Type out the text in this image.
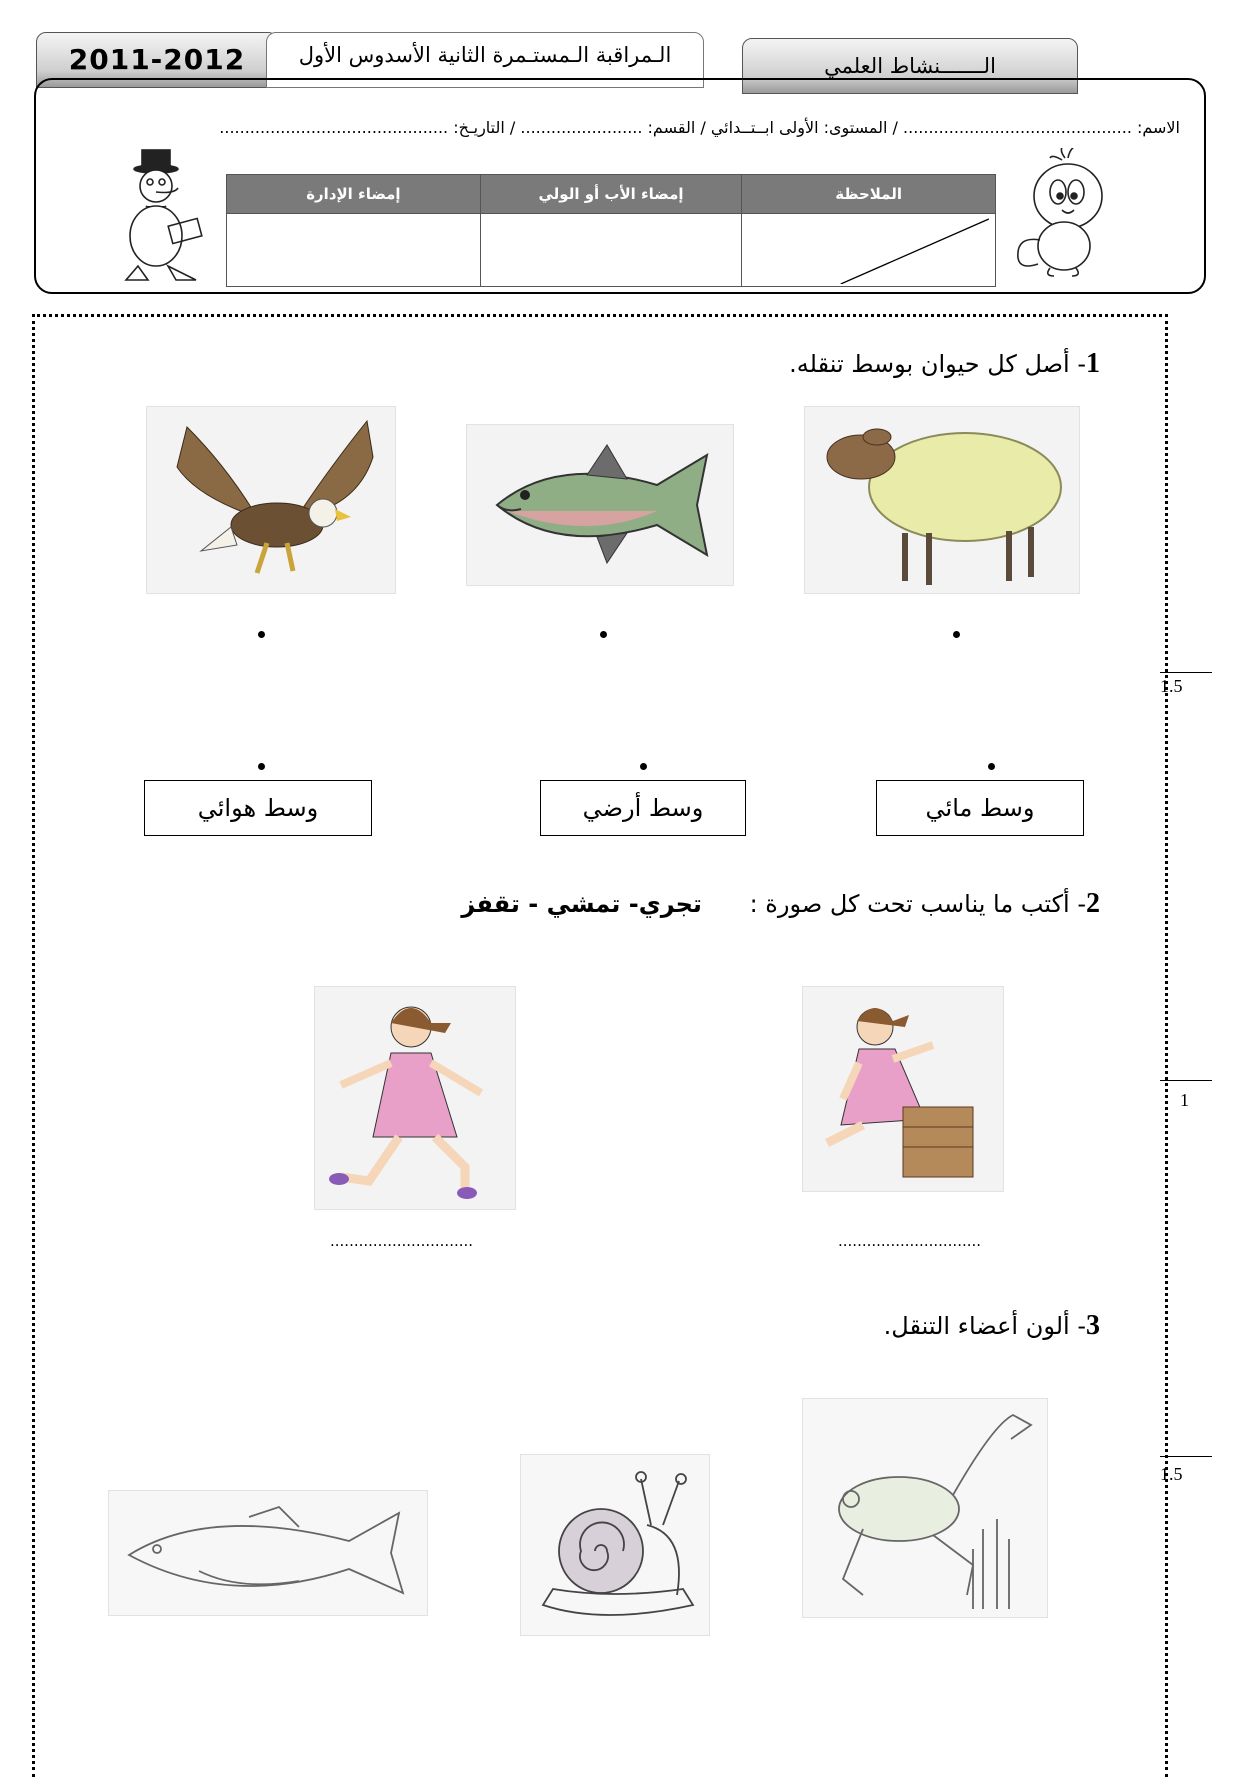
2011-2012	الـمراقبة الـمستـمرة الثانية الأسدوس الأول	الـــــــنشاط العلمي
الاسم: ............................................. / المستوى: الأولى ابــتــدائي / القسم: ........................ / التاريـخ: .............................................
إمضاء الإدارة	إمضاء الأب أو الولي	الملاحظة

1- أصل كل حيوان بوسط تنقله.
وسط هوائي	وسط أرضي	وسط مائي
1.5
2- أكتب ما يناسب تحت كل صورة : تجري- تمشي - تقفز
..............................
..............................
1
3- ألون أعضاء التنقل.
1.5
